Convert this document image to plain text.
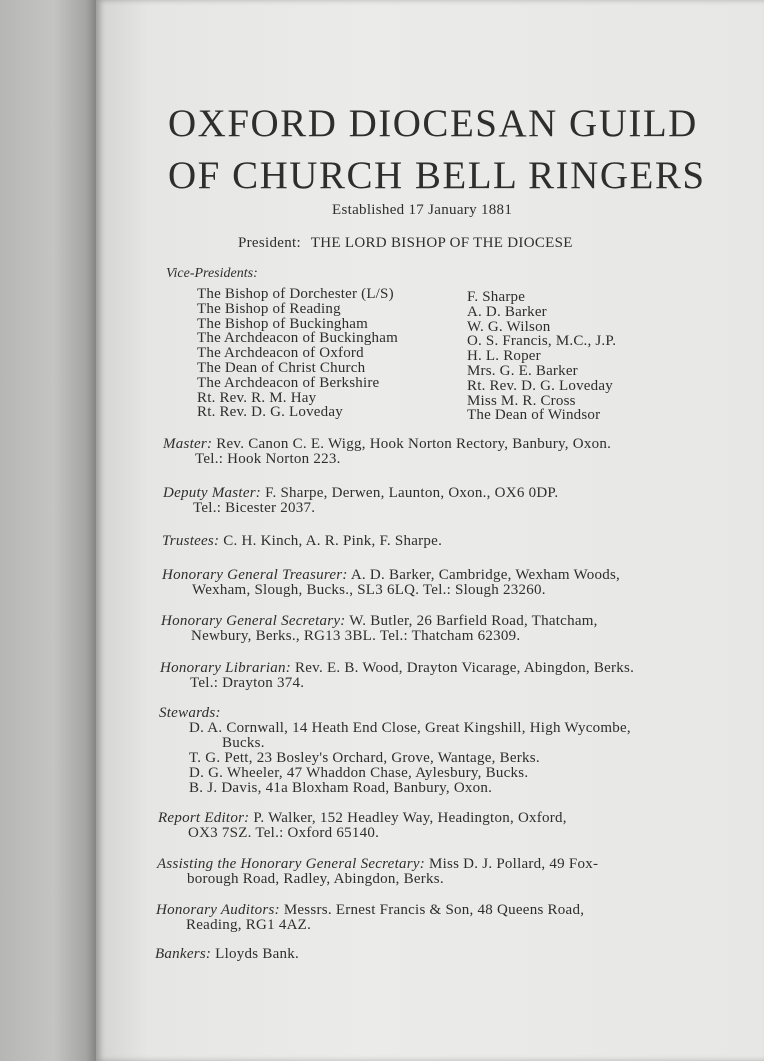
OXFORD DIOCESAN GUILD
OF CHURCH BELL RINGERS
Established 17 January 1881
President: THE LORD BISHOP OF THE DIOCESE
Vice-Presidents:
The Bishop of Dorchester (L/S)
The Bishop of Reading
The Bishop of Buckingham
The Archdeacon of Buckingham
The Archdeacon of Oxford
The Dean of Christ Church
The Archdeacon of Berkshire
Rt. Rev. R. M. Hay
Rt. Rev. D. G. Loveday
F. Sharpe
A. D. Barker
W. G. Wilson
O. S. Francis, M.C., J.P.
H. L. Roper
Mrs. G. E. Barker
Rt. Rev. D. G. Loveday
Miss M. R. Cross
The Dean of Windsor
Master: Rev. Canon C. E. Wigg, Hook Norton Rectory, Banbury, Oxon.
Tel.: Hook Norton 223.
Deputy Master: F. Sharpe, Derwen, Launton, Oxon., OX6 0DP.
Tel.: Bicester 2037.
Trustees: C. H. Kinch, A. R. Pink, F. Sharpe.
Honorary General Treasurer: A. D. Barker, Cambridge, Wexham Woods,
Wexham, Slough, Bucks., SL3 6LQ. Tel.: Slough 23260.
Honorary General Secretary: W. Butler, 26 Barfield Road, Thatcham,
Newbury, Berks., RG13 3BL. Tel.: Thatcham 62309.
Honorary Librarian: Rev. E. B. Wood, Drayton Vicarage, Abingdon, Berks.
Tel.: Drayton 374.
Stewards:
D. A. Cornwall, 14 Heath End Close, Great Kingshill, High Wycombe,
Bucks.
T. G. Pett, 23 Bosley's Orchard, Grove, Wantage, Berks.
D. G. Wheeler, 47 Whaddon Chase, Aylesbury, Bucks.
B. J. Davis, 41a Bloxham Road, Banbury, Oxon.
Report Editor: P. Walker, 152 Headley Way, Headington, Oxford,
OX3 7SZ. Tel.: Oxford 65140.
Assisting the Honorary General Secretary: Miss D. J. Pollard, 49 Fox-
borough Road, Radley, Abingdon, Berks.
Honorary Auditors: Messrs. Ernest Francis & Son, 48 Queens Road,
Reading, RG1 4AZ.
Bankers: Lloyds Bank.
